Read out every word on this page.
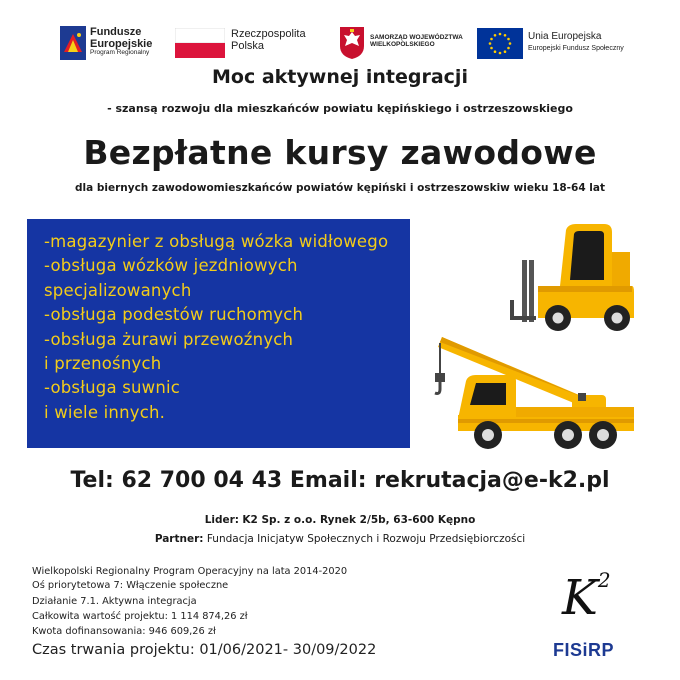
Fundusze
Europejskie
Program Regionalny
Rzeczpospolita
Polska
SAMORZĄD WOJEWÓDZTWA
WIELKOPOLSKIEGO
Unia Europejska
Europejski Fundusz Społeczny
Moc aktywnej integracji
- szansą rozwoju dla mieszkańców powiatu kępińskiego i ostrzeszowskiego
Bezpłatne kursy zawodowe
dla biernych zawodowomieszkańców powiatów kępiński i ostrzeszowskiw wieku 18-64 lat
-magazynier z obsługą wózka widłowego
-obsługa wózków jezdniowych
specjalizowanych
-obsługa podestów ruchomych
-obsługa żurawi przewoźnych
i przenośnych
-obsługa suwnic
i wiele innych.
Tel: 62 700 04 43 Email: rekrutacja@e-k2.pl
Lider: K2 Sp. z o.o. Rynek 2/5b, 63-600 Kępno
Partner: Fundacja Inicjatyw Społecznych i Rozwoju Przedsiębiorczości
Wielkopolski Regionalny Program Operacyjny na lata 2014-2020
Oś priorytetowa 7: Włączenie społeczne
Działanie 7.1. Aktywna integracja
Całkowita wartość projektu: 1 114 874,26 zł
Kwota dofinansowania: 946 609,26 zł
Czas trwania projektu: 01/06/2021- 30/09/2022
$K^2$
FISiRP
